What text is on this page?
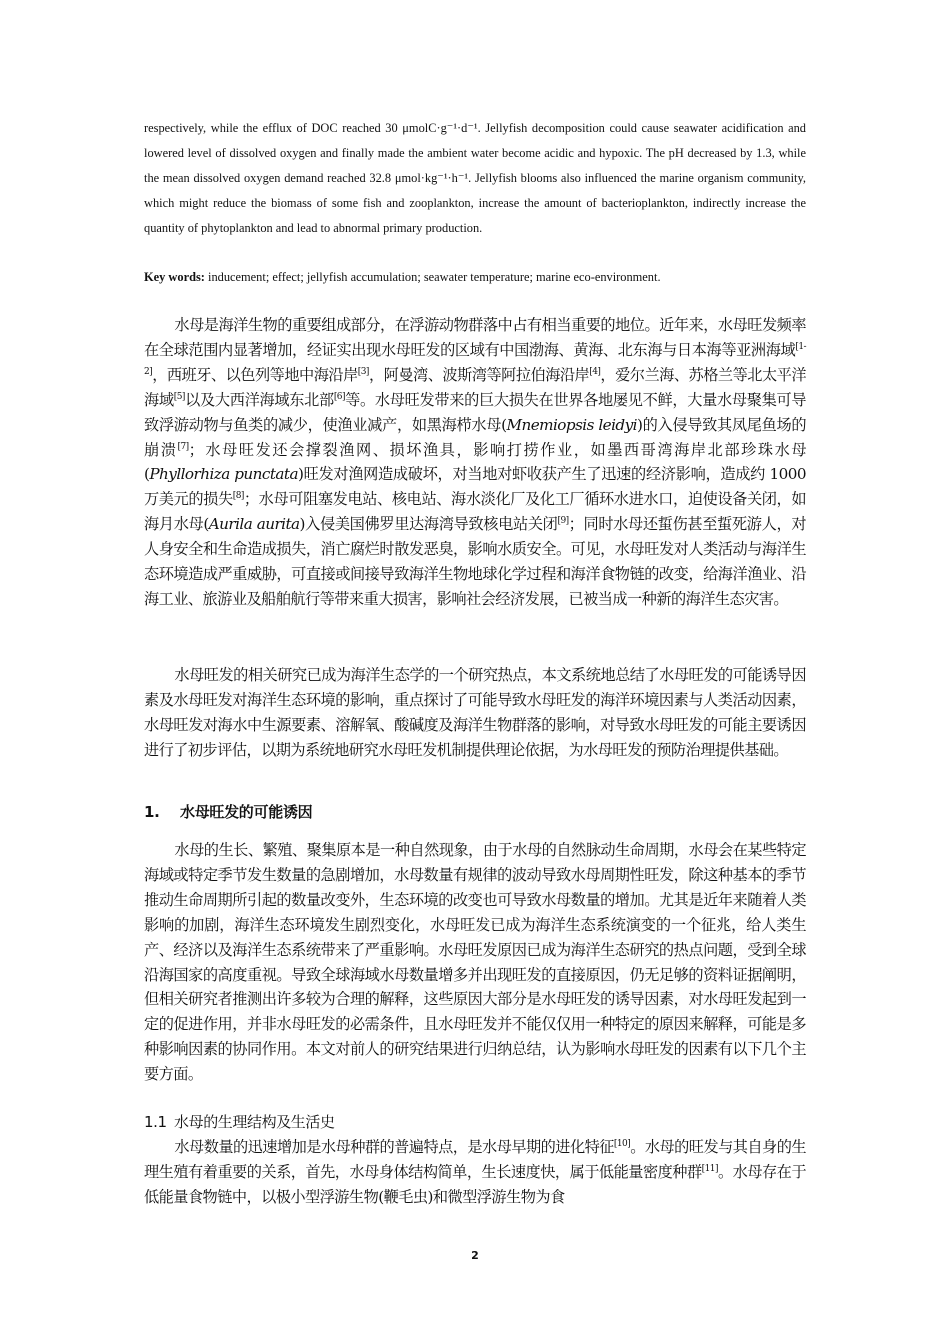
respectively, while the efflux of DOC reached 30 μmolC·g⁻¹·d⁻¹. Jellyfish decomposition could cause seawater acidification and lowered level of dissolved oxygen and finally made the ambient water become acidic and hypoxic. The pH decreased by 1.3, while the mean dissolved oxygen demand reached 32.8 μmol·kg⁻¹·h⁻¹. Jellyfish blooms also influenced the marine organism community, which might reduce the biomass of some fish and zooplankton, increase the amount of bacterioplankton, indirectly increase the quantity of phytoplankton and lead to abnormal primary production.
Key words: inducement; effect; jellyfish accumulation; seawater temperature; marine eco-environment.

水母是海洋生物的重要组成部分，在浮游动物群落中占有相当重要的地位。近年来，水母旺发频率在全球范围内显著增加，经证实出现水母旺发的区域有中国渤海、黄海、北东海与日本海等亚洲海域[1-2]，西班牙、以色列等地中海沿岸[3]，阿曼湾、波斯湾等阿拉伯海沿岸[4]，爱尔兰海、苏格兰等北太平洋海域[5]以及大西洋海域东北部[6]等。水母旺发带来的巨大损失在世界各地屡见不鲜，大量水母聚集可导致浮游动物与鱼类的减少，使渔业减产，如黑海栉水母(Mnemiopsis leidyi)的入侵导致其凤尾鱼场的崩溃[7]；水母旺发还会撑裂渔网、损坏渔具，影响打捞作业，如墨西哥湾海岸北部珍珠水母(Phyllorhiza punctata)旺发对渔网造成破坏，对当地对虾收获产生了迅速的经济影响，造成约 1000 万美元的损失[8]；水母可阻塞发电站、核电站、海水淡化厂及化工厂循环水进水口，迫使设备关闭，如海月水母(Aurila aurita)入侵美国佛罗里达海湾导致核电站关闭[9]；同时水母还蜇伤甚至蜇死游人，对人身安全和生命造成损失，消亡腐烂时散发恶臭，影响水质安全。可见，水母旺发对人类活动与海洋生态环境造成严重威胁，可直接或间接导致海洋生物地球化学过程和海洋食物链的改变，给海洋渔业、沿海工业、旅游业及船舶航行等带来重大损害，影响社会经济发展，已被当成一种新的海洋生态灾害。

水母旺发的相关研究已成为海洋生态学的一个研究热点，本文系统地总结了水母旺发的可能诱导因素及水母旺发对海洋生态环境的影响，重点探讨了可能导致水母旺发的海洋环境因素与人类活动因素，水母旺发对海水中生源要素、溶解氧、酸碱度及海洋生物群落的影响，对导致水母旺发的可能主要诱因进行了初步评估，以期为系统地研究水母旺发机制提供理论依据，为水母旺发的预防治理提供基础。

1. 水母旺发的可能诱因

水母的生长、繁殖、聚集原本是一种自然现象，由于水母的自然脉动生命周期，水母会在某些特定海域或特定季节发生数量的急剧增加，水母数量有规律的波动导致水母周期性旺发，除这种基本的季节推动生命周期所引起的数量改变外，生态环境的改变也可导致水母数量的增加。尤其是近年来随着人类影响的加剧，海洋生态环境发生剧烈变化，水母旺发已成为海洋生态系统演变的一个征兆，给人类生产、经济以及海洋生态系统带来了严重影响。水母旺发原因已成为海洋生态研究的热点问题，受到全球沿海国家的高度重视。导致全球海域水母数量增多并出现旺发的直接原因，仍无足够的资料证据阐明，但相关研究者推测出许多较为合理的解释，这些原因大部分是水母旺发的诱导因素，对水母旺发起到一定的促进作用，并非水母旺发的必需条件，且水母旺发并不能仅仅用一种特定的原因来解释，可能是多种影响因素的协同作用。本文对前人的研究结果进行归纳总结，认为影响水母旺发的因素有以下几个主要方面。

1.1 水母的生理结构及生活史

水母数量的迅速增加是水母种群的普遍特点，是水母早期的进化特征[10]。水母的旺发与其自身的生理生殖有着重要的关系，首先，水母身体结构简单，生长速度快，属于低能量密度种群[11]。水母存在于低能量食物链中，以极小型浮游生物(鞭毛虫)和微型浮游生物为食

2
